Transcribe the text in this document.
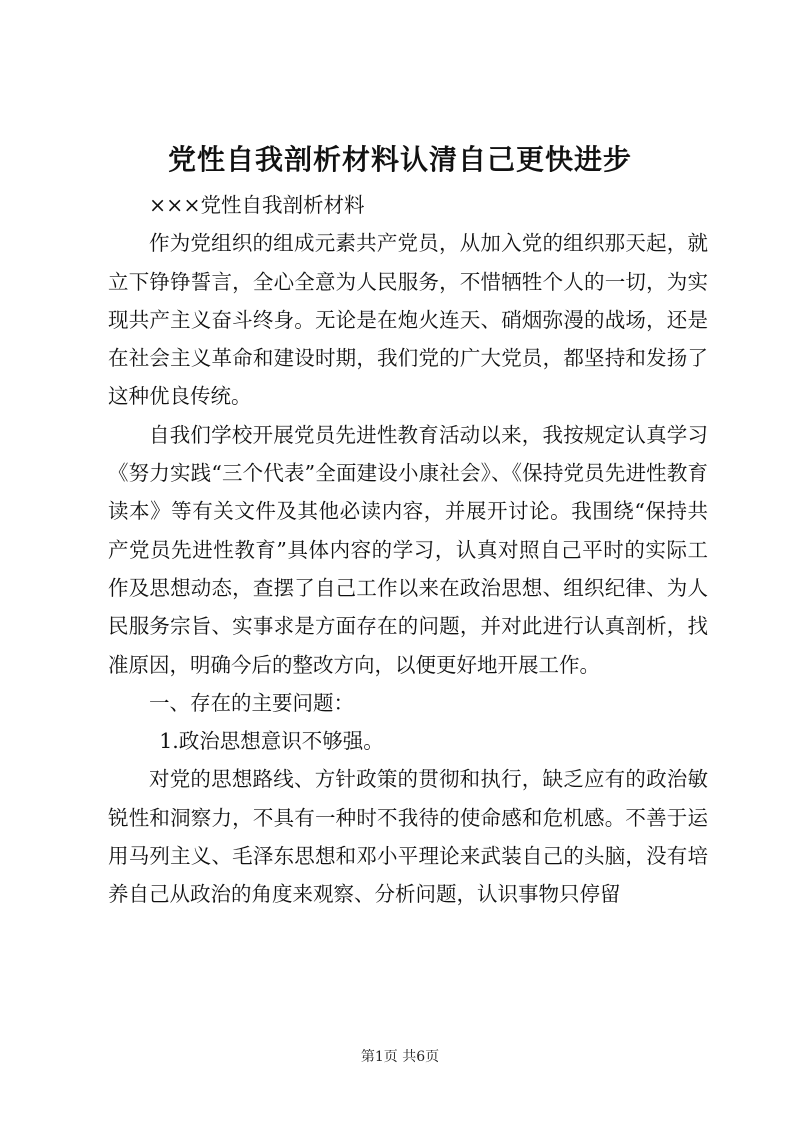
党性自我剖析材料认清自己更快进步

×××党性自我剖析材料

作为党组织的组成元素共产党员，从加入党的组织那天起，就立下铮铮誓言，全心全意为人民服务，不惜牺牲个人的一切，为实现共产主义奋斗终身。无论是在炮火连天、硝烟弥漫的战场，还是在社会主义革命和建设时期，我们党的广大党员，都坚持和发扬了这种优良传统。

自我们学校开展党员先进性教育活动以来，我按规定认真学习《努力实践“三个代表”全面建设小康社会》、《保持党员先进性教育读本》等有关文件及其他必读内容，并展开讨论。我围绕“保持共产党员先进性教育”具体内容的学习，认真对照自己平时的实际工作及思想动态，查摆了自己工作以来在政治思想、组织纪律、为人民服务宗旨、实事求是方面存在的问题，并对此进行认真剖析，找准原因，明确今后的整改方向，以便更好地开展工作。

一、存在的主要问题：

1.政治思想意识不够强。

对党的思想路线、方针政策的贯彻和执行，缺乏应有的政治敏锐性和洞察力，不具有一种时不我待的使命感和危机感。不善于运用马列主义、毛泽东思想和邓小平理论来武装自己的头脑，没有培养自己从政治的角度来观察、分析问题，认识事物只停留

第1页 共6页
